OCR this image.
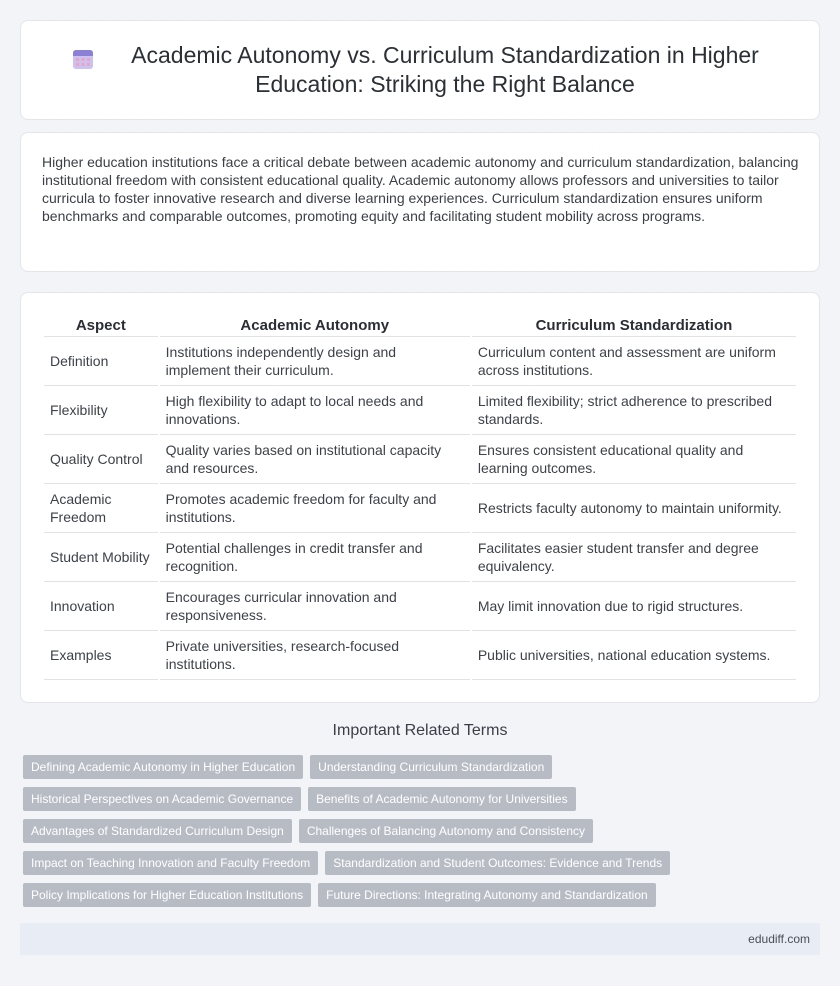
Academic Autonomy vs. Curriculum Standardization in Higher Education: Striking the Right Balance

Higher education institutions face a critical debate between academic autonomy and curriculum standardization, balancing institutional freedom with consistent educational quality. Academic autonomy allows professors and universities to tailor curricula to foster innovative research and diverse learning experiences. Curriculum standardization ensures uniform benchmarks and comparable outcomes, promoting equity and facilitating student mobility across programs.

Aspect	Academic Autonomy	Curriculum Standardization
Definition	Institutions independently design and implement their curriculum.	Curriculum content and assessment are uniform across institutions.
Flexibility	High flexibility to adapt to local needs and innovations.	Limited flexibility; strict adherence to prescribed standards.
Quality Control	Quality varies based on institutional capacity and resources.	Ensures consistent educational quality and learning outcomes.
Academic Freedom	Promotes academic freedom for faculty and institutions.	Restricts faculty autonomy to maintain uniformity.
Student Mobility	Potential challenges in credit transfer and recognition.	Facilitates easier student transfer and degree equivalency.
Innovation	Encourages curricular innovation and responsiveness.	May limit innovation due to rigid structures.
Examples	Private universities, research-focused institutions.	Public universities, national education systems.
Important Related Terms
Defining Academic Autonomy in Higher Education	Understanding Curriculum Standardization
Historical Perspectives on Academic Governance	Benefits of Academic Autonomy for Universities
Advantages of Standardized Curriculum Design	Challenges of Balancing Autonomy and Consistency
Impact on Teaching Innovation and Faculty Freedom	Standardization and Student Outcomes: Evidence and Trends
Policy Implications for Higher Education Institutions	Future Directions: Integrating Autonomy and Standardization
edudiff.com
